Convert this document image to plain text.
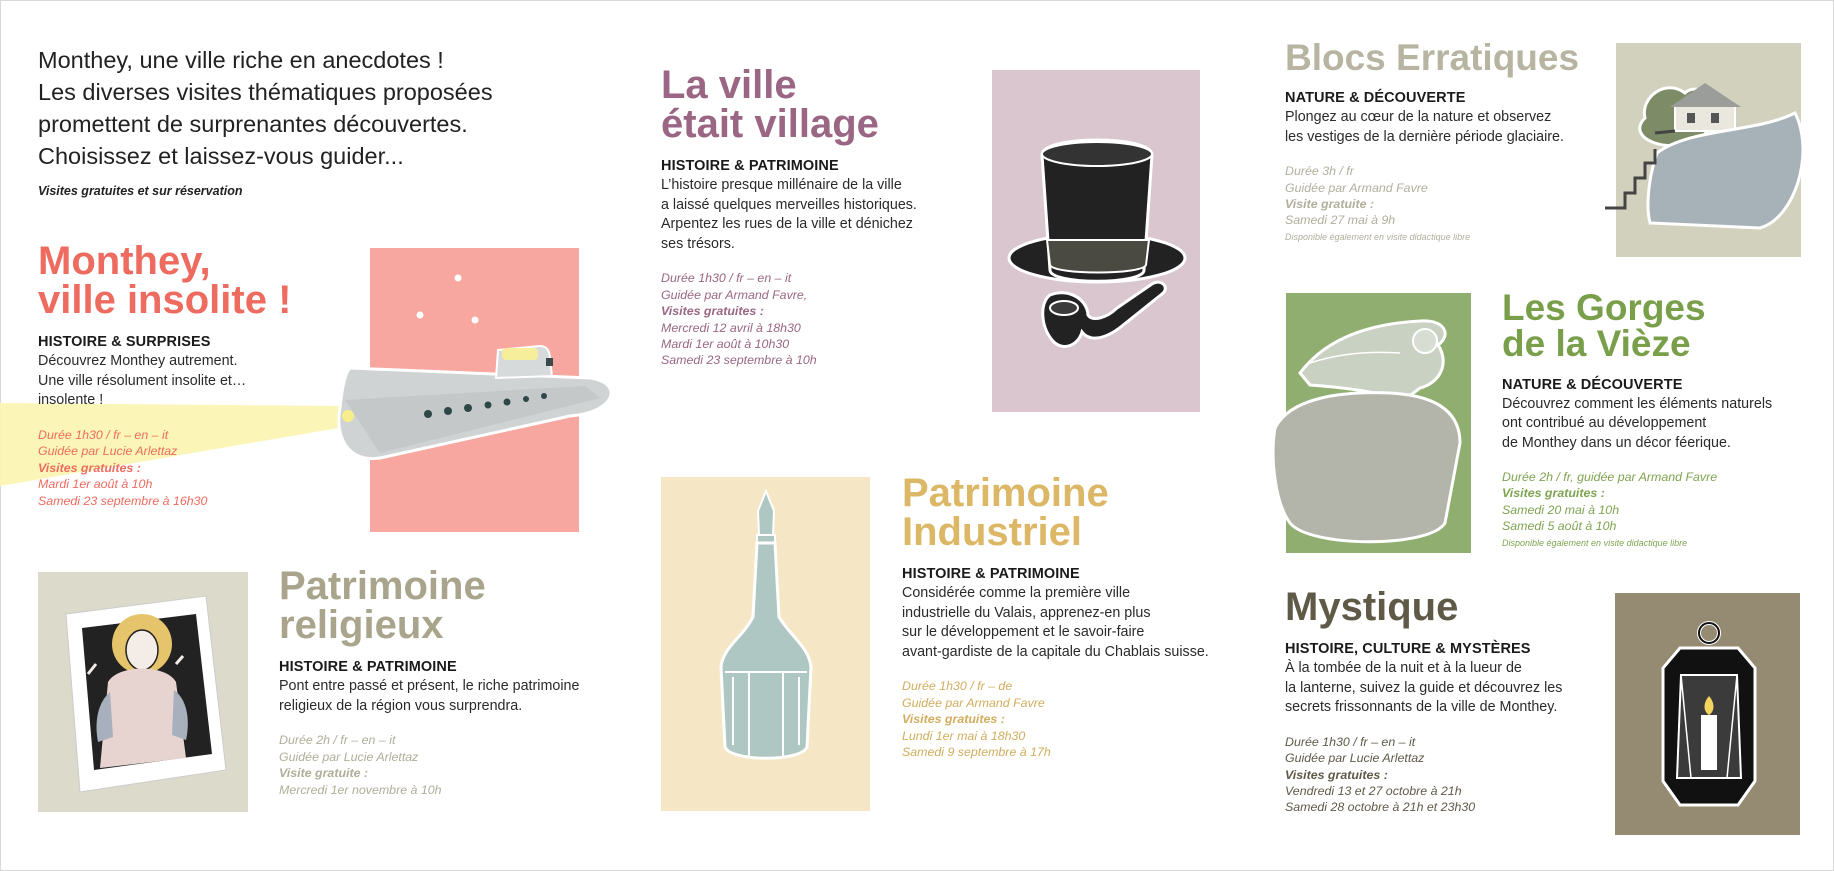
Monthey, une ville riche en anecdotes !

Les diverses visites thématiques proposées

promettent de surprenantes découvertes.

Choisissez et laissez-vous guider...

Visites gratuites et sur réservation
Monthey,
ville insolite !
HISTOIRE & SURPRISES
Découvrez Monthey autrement.
Une ville résolument insolite et…
insolente !
Durée 1h30 / fr – en – it
Guidée par Lucie Arlettaz
Visites gratuites :
Mardi 1er août à 10h
Samedi 23 septembre à 16h30
La ville
était village
HISTOIRE & PATRIMOINE
L’histoire presque millénaire de la ville
a laissé quelques merveilles historiques.
Arpentez les rues de la ville et dénichez
ses trésors.
Durée 1h30 / fr – en – it
Guidée par Armand Favre,
Visites gratuites :
Mercredi 12 avril à 18h30
Mardi 1er août à 10h30
Samedi 23 septembre à 10h
Patrimoine
religieux
HISTOIRE & PATRIMOINE
Pont entre passé et présent, le riche patrimoine
religieux de la région vous surprendra.
Durée 2h / fr – en – it
Guidée par Lucie Arlettaz
Visite gratuite :
Mercredi 1er novembre à 10h
Patrimoine
Industriel
HISTOIRE & PATRIMOINE
Considérée comme la première ville
industrielle du Valais, apprenez-en plus
sur le développement et le savoir-faire
avant-gardiste de la capitale du Chablais suisse.
Durée 1h30 / fr – de
Guidée par Armand Favre
Visites gratuites :
Lundi 1er mai à 18h30
Samedi 9 septembre à 17h
Blocs Erratiques
NATURE & DÉCOUVERTE
Plongez au cœur de la nature et observez
les vestiges de la dernière période glaciaire.
Durée 3h / fr
Guidée par Armand Favre
Visite gratuite :
Samedi 27 mai à 9h
Disponible également en visite didactique libre
Les Gorges
de la Vièze
NATURE & DÉCOUVERTE
Découvrez comment les éléments naturels
ont contribué au développement
de Monthey dans un décor féerique.
Durée 2h / fr, guidée par Armand Favre
Visites gratuites :
Samedi 20 mai à 10h
Samedi 5 août à 10h
Disponible également en visite didactique libre
Mystique
HISTOIRE, CULTURE & MYSTÈRES
À la tombée de la nuit et à la lueur de
la lanterne, suivez la guide et découvrez les
secrets frissonnants de la ville de Monthey.
Durée 1h30 / fr – en – it
Guidée par Lucie Arlettaz
Visites gratuites :
Vendredi 13 et 27 octobre à 21h
Samedi 28 octobre à 21h et 23h30
